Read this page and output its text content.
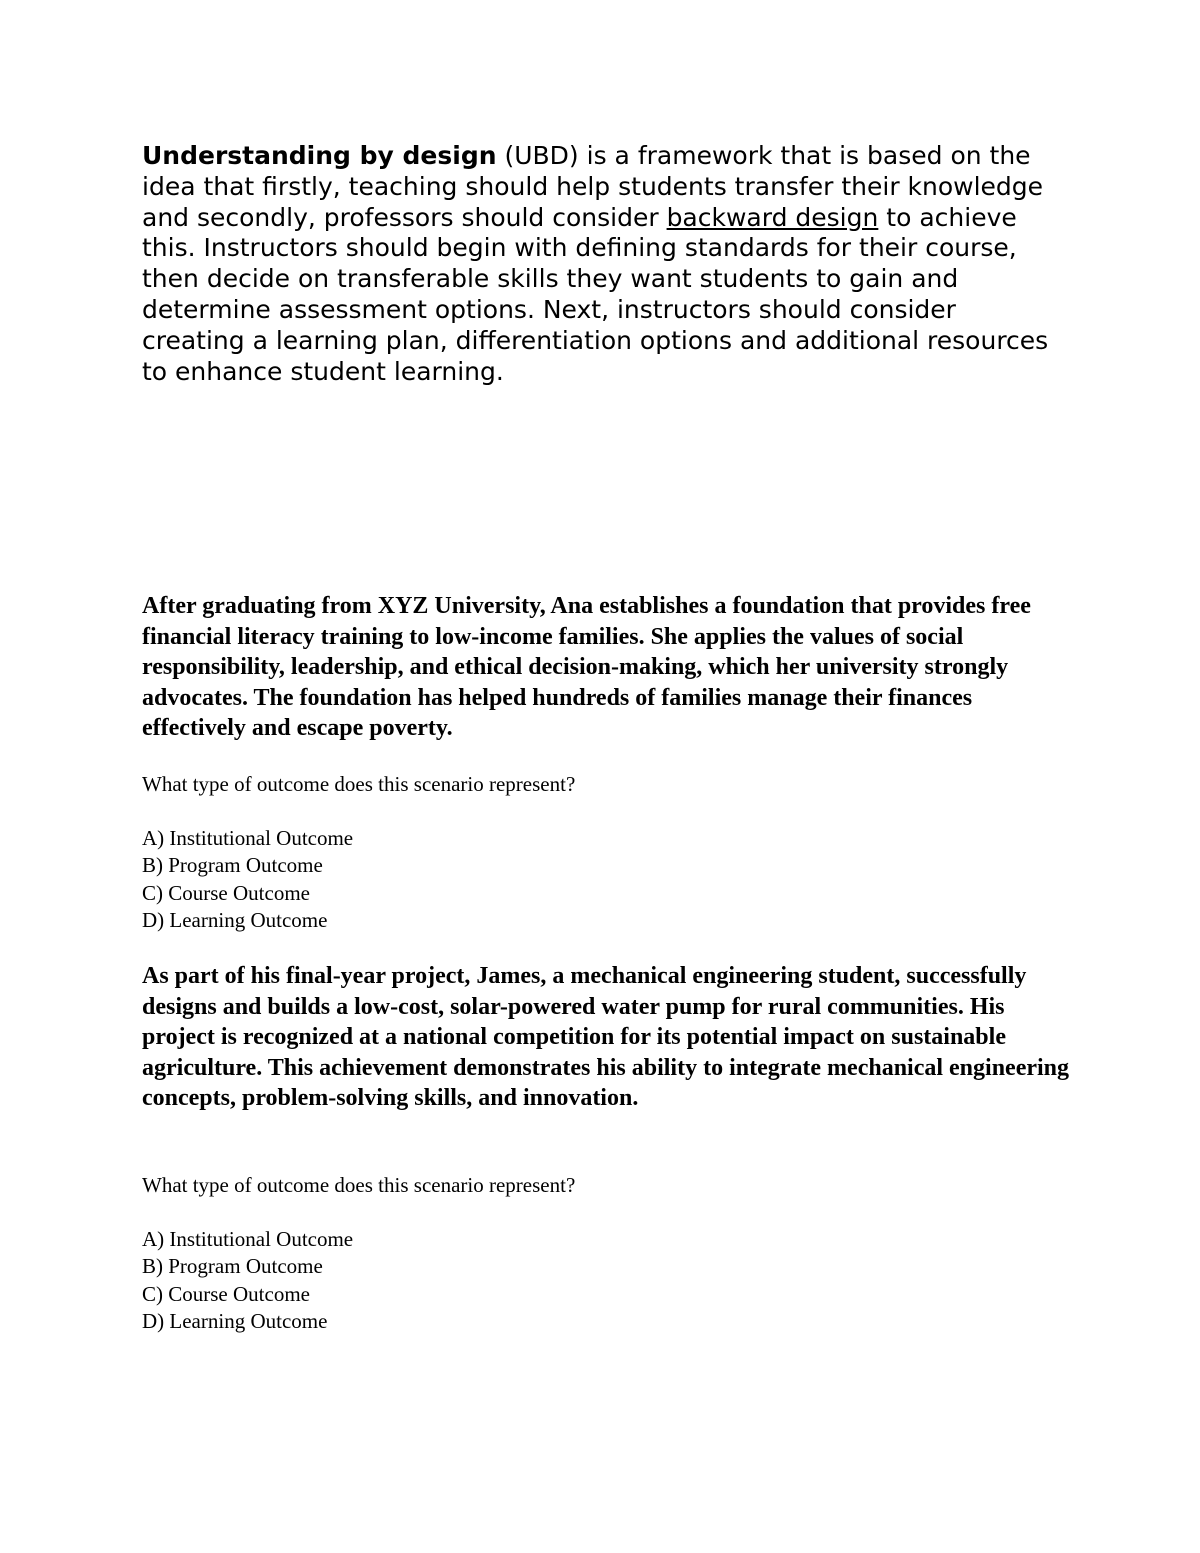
Understanding by design (UBD) is a framework that is based on the idea that firstly, teaching should help students transfer their knowledge and secondly, professors should consider backward design to achieve this. Instructors should begin with defining standards for their course, then decide on transferable skills they want students to gain and determine assessment options. Next, instructors should consider creating a learning plan, differentiation options and additional resources to enhance student learning.

After graduating from XYZ University, Ana establishes a foundation that provides free financial literacy training to low-income families. She applies the values of social responsibility, leadership, and ethical decision-making, which her university strongly advocates. The foundation has helped hundreds of families manage their finances effectively and escape poverty.

What type of outcome does this scenario represent?

A) Institutional Outcome
B) Program Outcome
C) Course Outcome
D) Learning Outcome

As part of his final-year project, James, a mechanical engineering student, successfully designs and builds a low-cost, solar-powered water pump for rural communities. His project is recognized at a national competition for its potential impact on sustainable agriculture. This achievement demonstrates his ability to integrate mechanical engineering concepts, problem-solving skills, and innovation.

What type of outcome does this scenario represent?

A) Institutional Outcome
B) Program Outcome
C) Course Outcome
D) Learning Outcome
